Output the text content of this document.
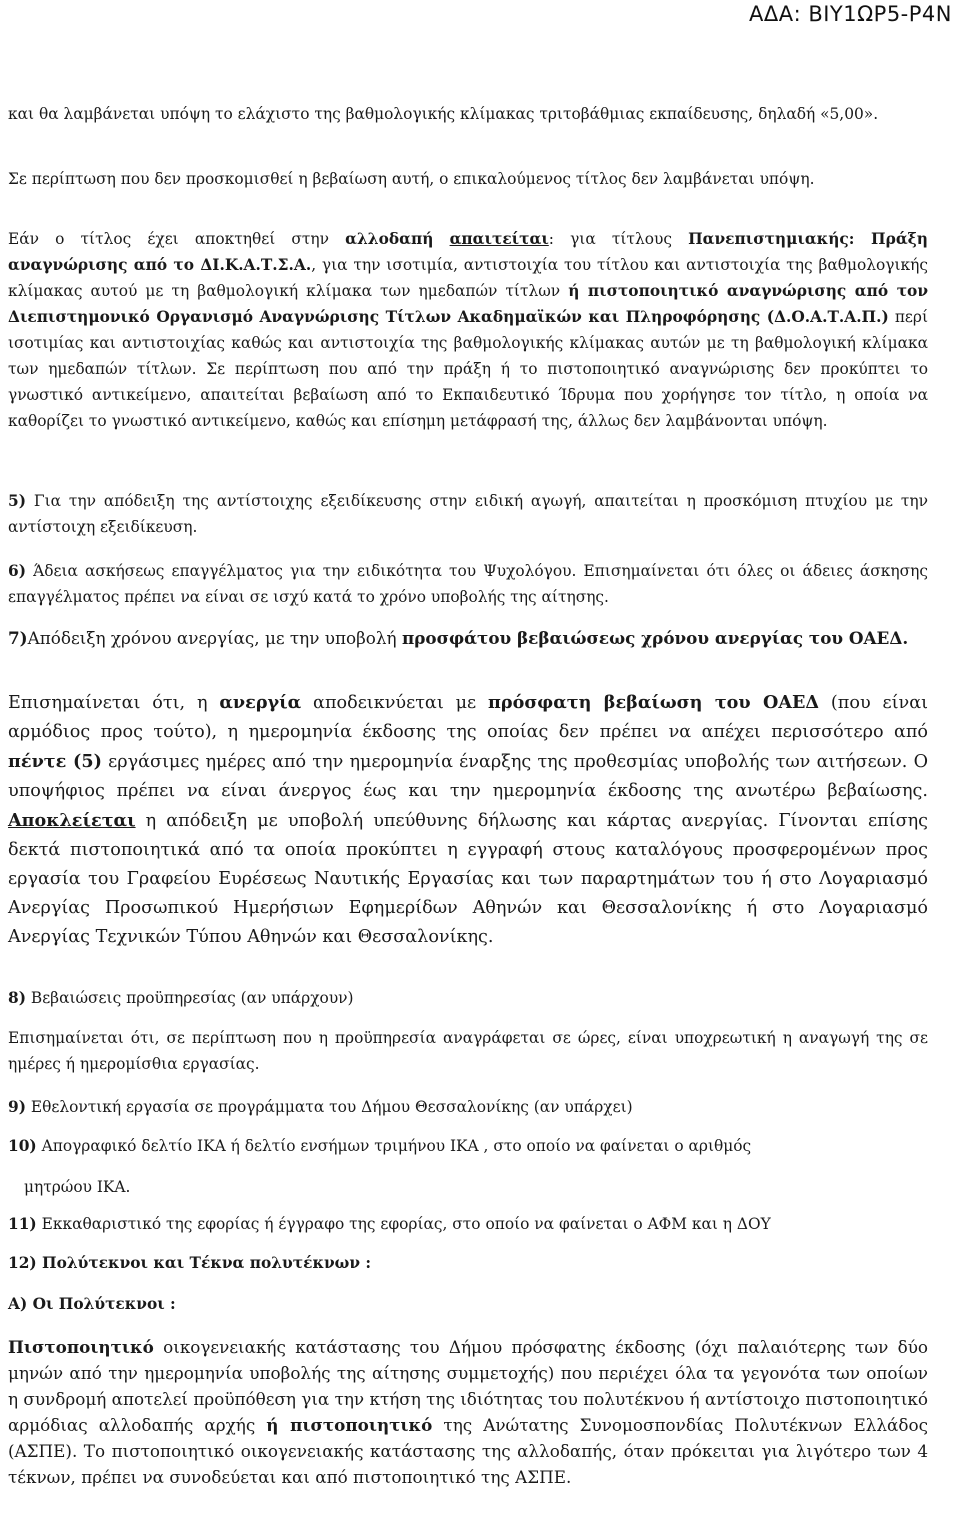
ΑΔΑ: ΒΙΥ1ΩΡ5-Ρ4Ν

και θα λαμβάνεται υπόψη το ελάχιστο της βαθμολογικής κλίμακας τριτοβάθμιας εκπαίδευσης, δηλαδή «5,00».

Σε περίπτωση που δεν προσκομισθεί η βεβαίωση αυτή, ο επικαλούμενος τίτλος δεν λαμβάνεται υπόψη.

Εάν ο τίτλος έχει αποκτηθεί στην αλλοδαπή απαιτείται: για τίτλους Πανεπιστημιακής: Πράξη αναγνώρισης από το ΔΙ.Κ.Α.Τ.Σ.Α., για την ισοτιμία, αντιστοιχία του τίτλου και αντιστοιχία της βαθμολογικής κλίμακας αυτού με τη βαθμολογική κλίμακα των ημεδαπών τίτλων ή πιστοποιητικό αναγνώρισης από τον Διεπιστημονικό Οργανισμό Αναγνώρισης Τίτλων Ακαδημαϊκών και Πληροφόρησης (Δ.Ο.Α.Τ.Α.Π.) περί ισοτιμίας και αντιστοιχίας καθώς και αντιστοιχία της βαθμολογικής κλίμακας αυτών με τη βαθμολογική κλίμακα των ημεδαπών τίτλων. Σε περίπτωση που από την πράξη ή το πιστοποιητικό αναγνώρισης δεν προκύπτει το γνωστικό αντικείμενο, απαιτείται βεβαίωση από το Εκπαιδευτικό Ίδρυμα που χορήγησε τον τίτλο, η οποία να καθορίζει το γνωστικό αντικείμενο, καθώς και επίσημη μετάφρασή της, άλλως δεν λαμβάνονται υπόψη.

5) Για την απόδειξη της αντίστοιχης εξειδίκευσης στην ειδική αγωγή, απαιτείται η προσκόμιση πτυχίου με την αντίστοιχη εξειδίκευση.

6) Άδεια ασκήσεως επαγγέλματος για την ειδικότητα του Ψυχολόγου. Επισημαίνεται ότι όλες οι άδειες άσκησης επαγγέλματος πρέπει να είναι σε ισχύ κατά το χρόνο υποβολής της αίτησης.

7)Απόδειξη χρόνου ανεργίας, με την υποβολή προσφάτου βεβαιώσεως χρόνου ανεργίας του ΟΑΕΔ.

Επισημαίνεται ότι, η ανεργία αποδεικνύεται με πρόσφατη βεβαίωση του ΟΑΕΔ (που είναι αρμόδιος προς τούτο), η ημερομηνία έκδοσης της οποίας δεν πρέπει να απέχει περισσότερο από πέντε (5) εργάσιμες ημέρες από την ημερομηνία έναρξης της προθεσμίας υποβολής των αιτήσεων. Ο υποψήφιος πρέπει να είναι άνεργος έως και την ημερομηνία έκδοσης της ανωτέρω βεβαίωσης. Αποκλείεται η απόδειξη με υποβολή υπεύθυνης δήλωσης και κάρτας ανεργίας. Γίνονται επίσης δεκτά πιστοποιητικά από τα οποία προκύπτει η εγγραφή στους καταλόγους προσφερομένων προς εργασία του Γραφείου Ευρέσεως Ναυτικής Εργασίας και των παραρτημάτων του ή στο Λογαριασμό Ανεργίας Προσωπικού Ημερήσιων Εφημερίδων Αθηνών και Θεσσαλονίκης ή στο Λογαριασμό Ανεργίας Τεχνικών Τύπου Αθηνών και Θεσσαλονίκης.

8) Βεβαιώσεις προϋπηρεσίας (αν υπάρχουν)

Επισημαίνεται ότι, σε περίπτωση που η προϋπηρεσία αναγράφεται σε ώρες, είναι υποχρεωτική η αναγωγή της σε ημέρες ή ημερομίσθια εργασίας.

9) Εθελοντική εργασία σε προγράμματα του Δήμου Θεσσαλονίκης (αν υπάρχει)

10) Απογραφικό δελτίο ΙΚΑ ή δελτίο ενσήμων τριμήνου ΙΚΑ , στο οποίο να φαίνεται ο αριθμός

μητρώου ΙΚΑ.

11) Εκκαθαριστικό της εφορίας ή έγγραφο της εφορίας, στο οποίο να φαίνεται ο ΑΦΜ και η ΔΟΥ

12) Πολύτεκνοι και Τέκνα πολυτέκνων :

Α) Οι Πολύτεκνοι :

Πιστοποιητικό οικογενειακής κατάστασης του Δήμου πρόσφατης έκδοσης (όχι παλαιότερης των δύο μηνών από την ημερομηνία υποβολής της αίτησης συμμετοχής) που περιέχει όλα τα γεγονότα των οποίων η συνδρομή αποτελεί προϋπόθεση για την κτήση της ιδιότητας του πολυτέκνου ή αντίστοιχο πιστοποιητικό αρμόδιας αλλοδαπής αρχής ή πιστοποιητικό της Ανώτατης Συνομοσπονδίας Πολυτέκνων Ελλάδος (ΑΣΠΕ). Το πιστοποιητικό οικογενειακής κατάστασης της αλλοδαπής, όταν πρόκειται για λιγότερο των 4 τέκνων, πρέπει να συνοδεύεται και από πιστοποιητικό της ΑΣΠΕ.
